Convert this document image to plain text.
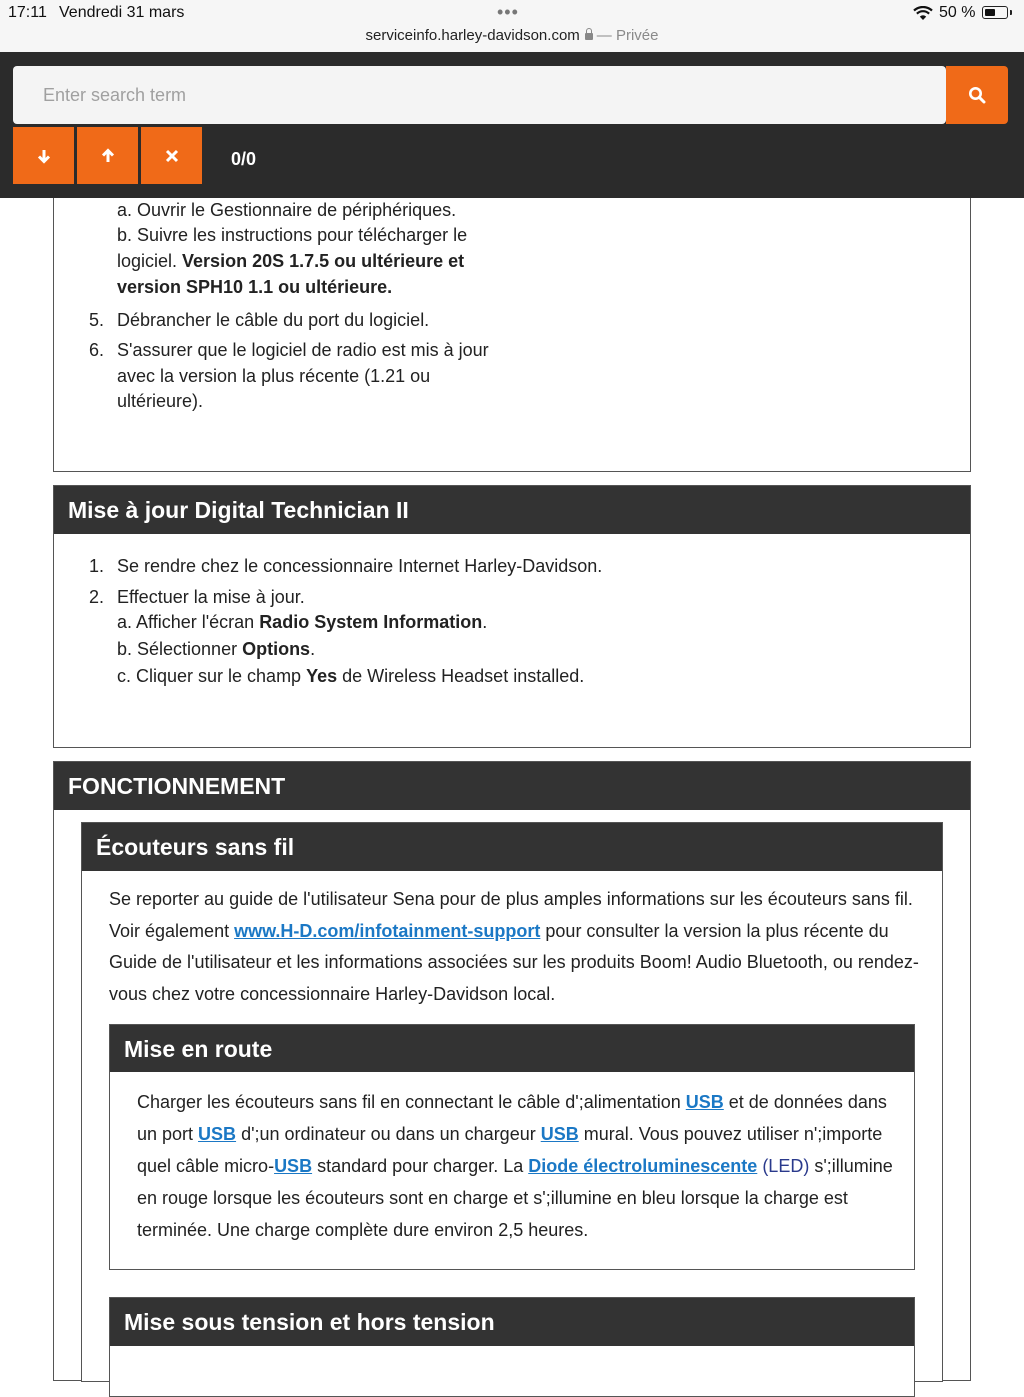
17:11 Vendredi 31 mars	•••
serviceinfo.harley-davidson.com — Privée
50 %
Enter search term
0/0
a. Ouvrir le Gestionnaire de périphériques.
b. Suivre les instructions pour télécharger le
logiciel. Version 20S 1.7.5 ou ultérieure et
version SPH10 1.1 ou ultérieure.
5. Débrancher le câble du port du logiciel.
6. S'assurer que le logiciel de radio est mis à jour
avec la version la plus récente (1.21 ou
ultérieure).
Mise à jour Digital Technician II
1. Se rendre chez le concessionnaire Internet Harley-Davidson.
2. Effectuer la mise à jour.
a. Afficher l'écran Radio System Information.
b. Sélectionner Options.
c. Cliquer sur le champ Yes de Wireless Headset installed.
FONCTIONNEMENT
Écouteurs sans fil
Se reporter au guide de l'utilisateur Sena pour de plus amples informations sur les écouteurs sans fil. Voir également www.H-D.com/infotainment-support pour consulter la version la plus récente du Guide de l'utilisateur et les informations associées sur les produits Boom! Audio Bluetooth, ou rendez-vous chez votre concessionnaire Harley-Davidson local.
Mise en route
Charger les écouteurs sans fil en connectant le câble d';alimentation USB et de données dans un port USB d';un ordinateur ou dans un chargeur USB mural. Vous pouvez utiliser n';importe quel câble micro-USB standard pour charger. La Diode électroluminescente (LED) s';illumine en rouge lorsque les écouteurs sont en charge et s';illumine en bleu lorsque la charge est terminée. Une charge complète dure environ 2,5 heures.
Mise sous tension et hors tension
